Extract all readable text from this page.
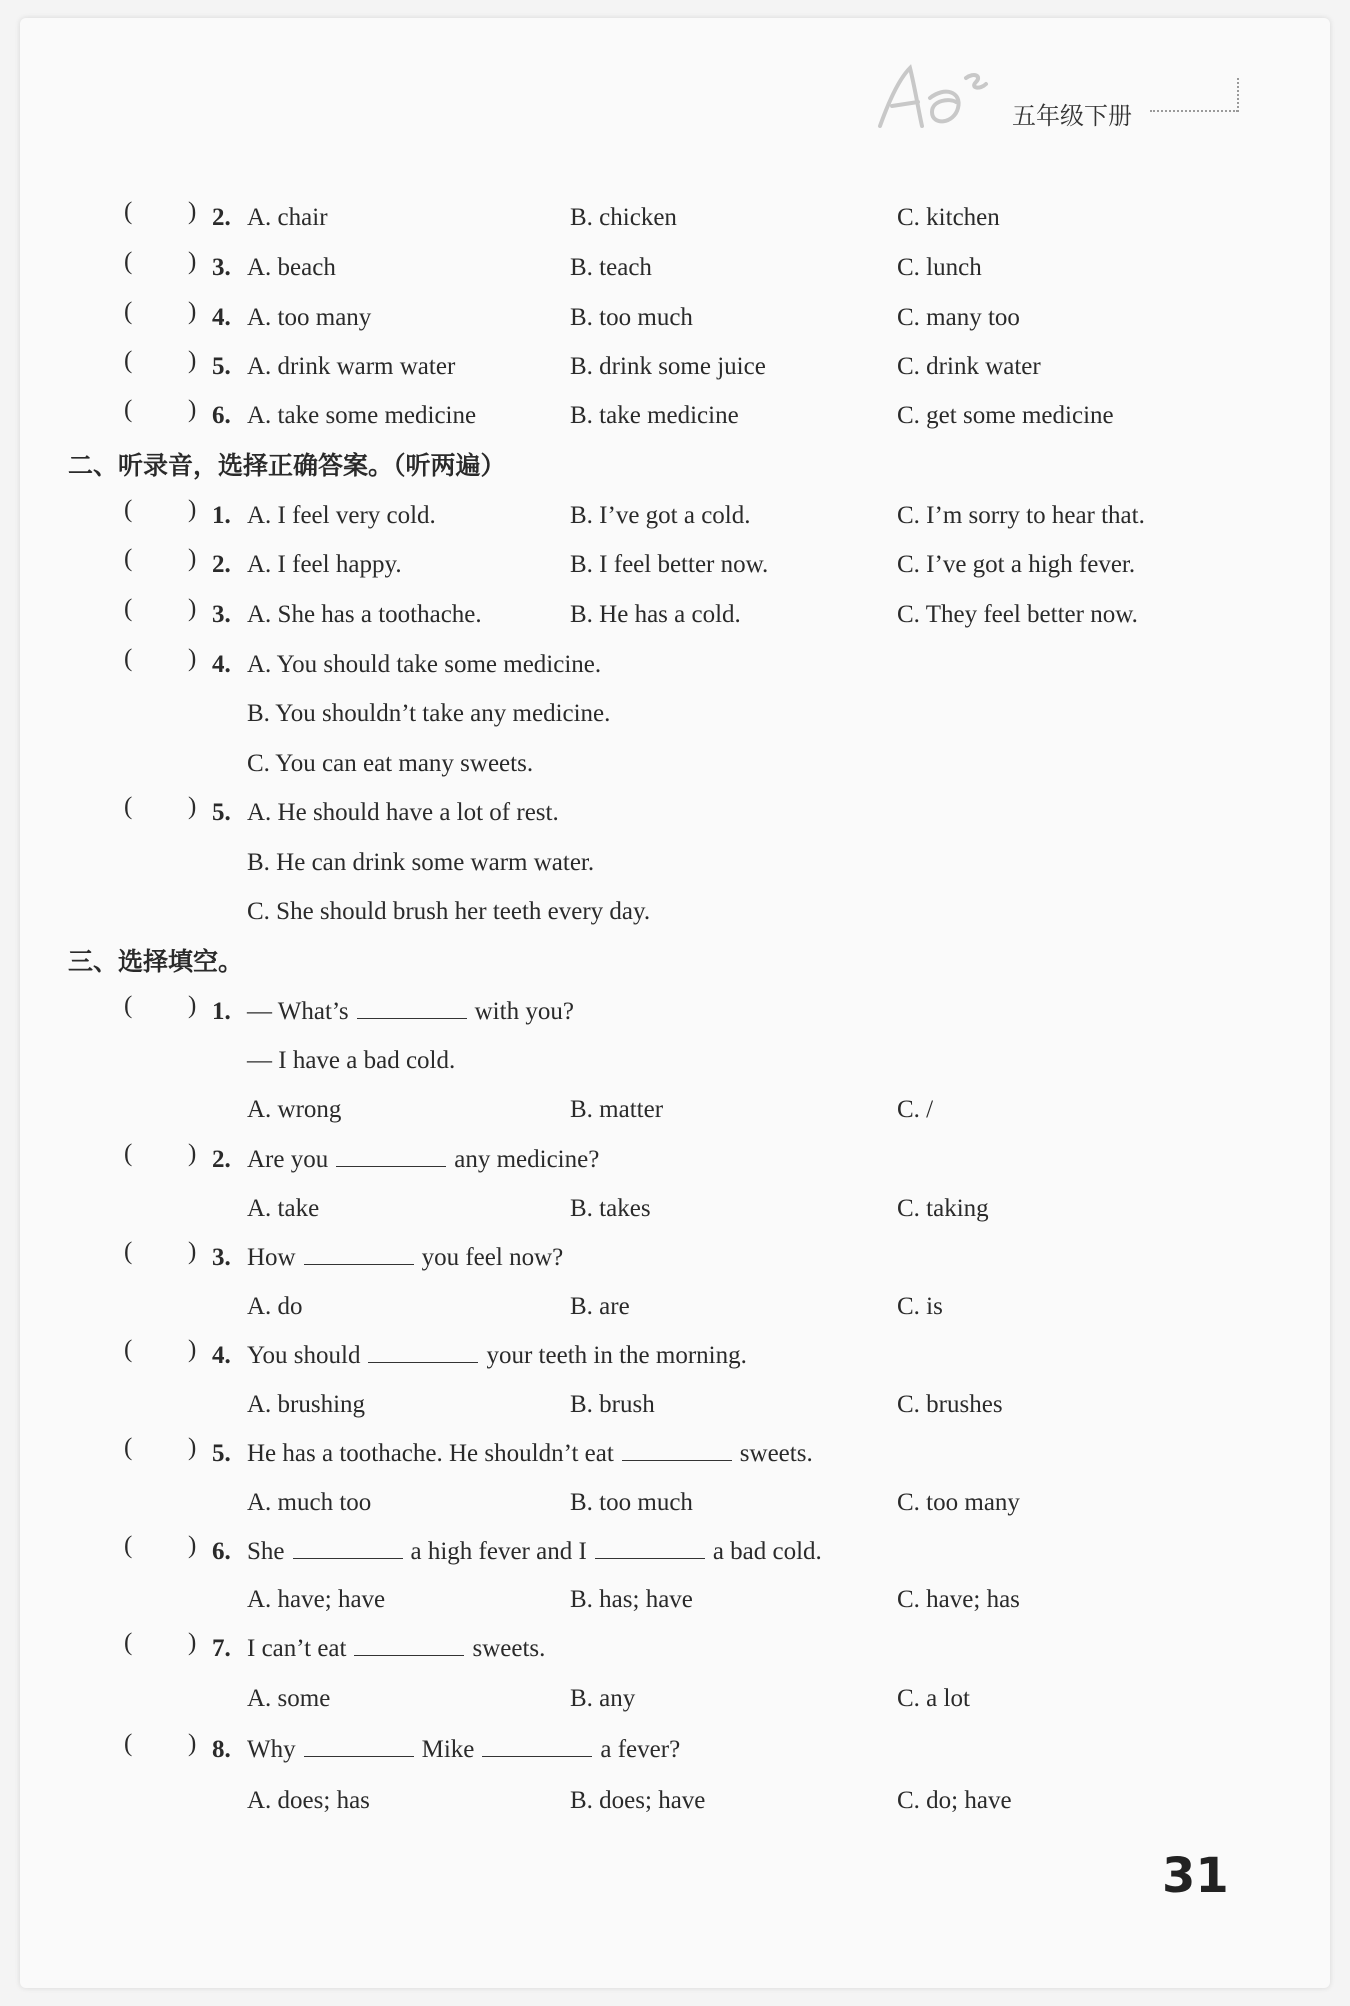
五年级下册
( ) 2. A. chair	B. chicken	C. kitchen
( ) 3. A. beach	B. teach	C. lunch
( ) 4. A. too many	B. too much	C. many too
( ) 5. A. drink warm water	B. drink some juice	C. drink water
( ) 6. A. take some medicine	B. take medicine	C. get some medicine
二、听录音，选择正确答案。（听两遍）
( ) 1. A. I feel very cold.	B. I’ve got a cold.	C. I’m sorry to hear that.
( ) 2. A. I feel happy.	B. I feel better now.	C. I’ve got a high fever.
( ) 3. A. She has a toothache.	B. He has a cold.	C. They feel better now.
( ) 4. A. You should take some medicine.
B. You shouldn’t take any medicine.
C. You can eat many sweets.
( ) 5. A. He should have a lot of rest.
B. He can drink some warm water.
C. She should brush her teeth every day.
三、选择填空。
( ) 1. — What’s	with you?
— I have a bad cold.
A. wrong	B. matter	C. /
( ) 2. Are you	any medicine?
A. take	B. takes	C. taking
( ) 3. How	you feel now?
A. do	B. are	C. is
( ) 4. You should	your teeth in the morning.
A. brushing	B. brush	C. brushes
( ) 5. He has a toothache. He shouldn’t eat	sweets.
A. much too	B. too much	C. too many
( ) 6. She	a high fever and I	a bad cold.
A. have; have	B. has; have	C. have; has
( ) 7. I can’t eat	sweets.
A. some	B. any	C. a lot
( ) 8. Why	Mike	a fever?
A. does; has	B. does; have	C. do; have
31
